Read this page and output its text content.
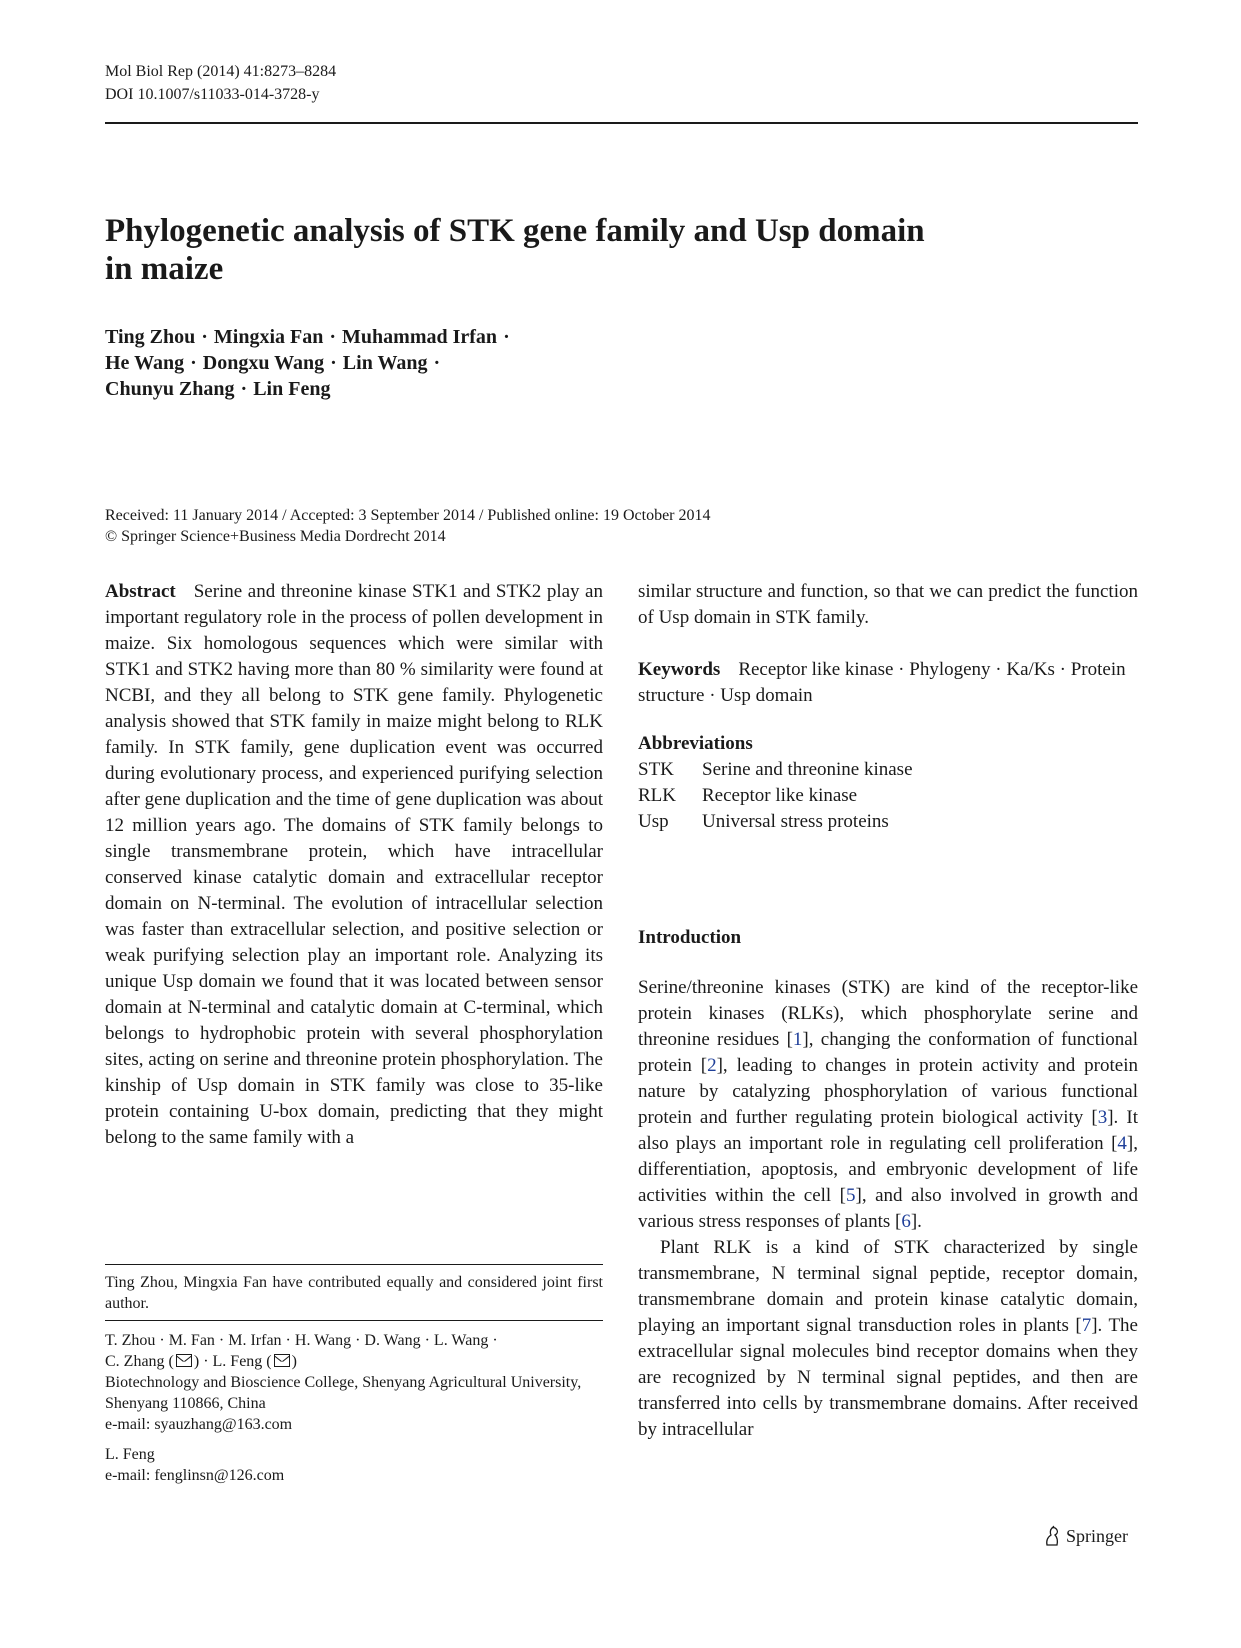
Mol Biol Rep (2014) 41:8273–8284
DOI 10.1007/s11033-014-3728-y
Phylogenetic analysis of STK gene family and Usp domain
in maize
Ting Zhou · Mingxia Fan · Muhammad Irfan ·
He Wang · Dongxu Wang · Lin Wang ·
Chunyu Zhang · Lin Feng
Received: 11 January 2014 / Accepted: 3 September 2014 / Published online: 19 October 2014
© Springer Science+Business Media Dordrecht 2014

Abstract Serine and threonine kinase STK1 and STK2 play an important regulatory role in the process of pollen development in maize. Six homologous sequences which were similar with STK1 and STK2 having more than 80 % similarity were found at NCBI, and they all belong to STK gene family. Phylogenetic analysis showed that STK family in maize might belong to RLK family. In STK family, gene duplication event was occurred during evolutionary process, and experienced purifying selection after gene duplication and the time of gene duplication was about 12 million years ago. The domains of STK family belongs to single transmembrane protein, which have intracellular conserved kinase catalytic domain and extracellular receptor domain on N-terminal. The evolution of intracellular selection was faster than extracellular selection, and positive selection or weak purifying selection play an important role. Analyzing its unique Usp domain we found that it was located between sensor domain at N-terminal and catalytic domain at C-terminal, which belongs to hydrophobic protein with several phosphorylation sites, acting on serine and threonine protein phosphorylation. The kinship of Usp domain in STK family was close to 35-like protein containing U-box domain, predicting that they might belong to the same family with a

Ting Zhou, Mingxia Fan have contributed equally and considered joint first author.

T. Zhou · M. Fan · M. Irfan · H. Wang · D. Wang · L. Wang ·

C. Zhang ( ) · L. Feng ( )

Biotechnology and Bioscience College, Shenyang Agricultural University, Shenyang 110866, China

e-mail: syauzhang@163.com

L. Feng

e-mail: fenglinsn@126.com

similar structure and function, so that we can predict the function of Usp domain in STK family.

Keywords Receptor like kinase · Phylogeny · Ka/Ks · Protein structure · Usp domain

Abbreviations
STK	Serine and threonine kinase
RLK	Receptor like kinase
Usp	Universal stress proteins
Introduction

Serine/threonine kinases (STK) are kind of the receptor-like protein kinases (RLKs), which phosphorylate serine and threonine residues [1], changing the conformation of functional protein [2], leading to changes in protein activity and protein nature by catalyzing phosphorylation of various functional protein and further regulating protein biological activity [3]. It also plays an important role in regulating cell proliferation [4], differentiation, apoptosis, and embryonic development of life activities within the cell [5], and also involved in growth and various stress responses of plants [6].

Plant RLK is a kind of STK characterized by single transmembrane, N terminal signal peptide, receptor domain, transmembrane domain and protein kinase catalytic domain, playing an important signal transduction roles in plants [7]. The extracellular signal molecules bind receptor domains when they are recognized by N terminal signal peptides, and then are transferred into cells by transmembrane domains. After received by intracellular

Springer
